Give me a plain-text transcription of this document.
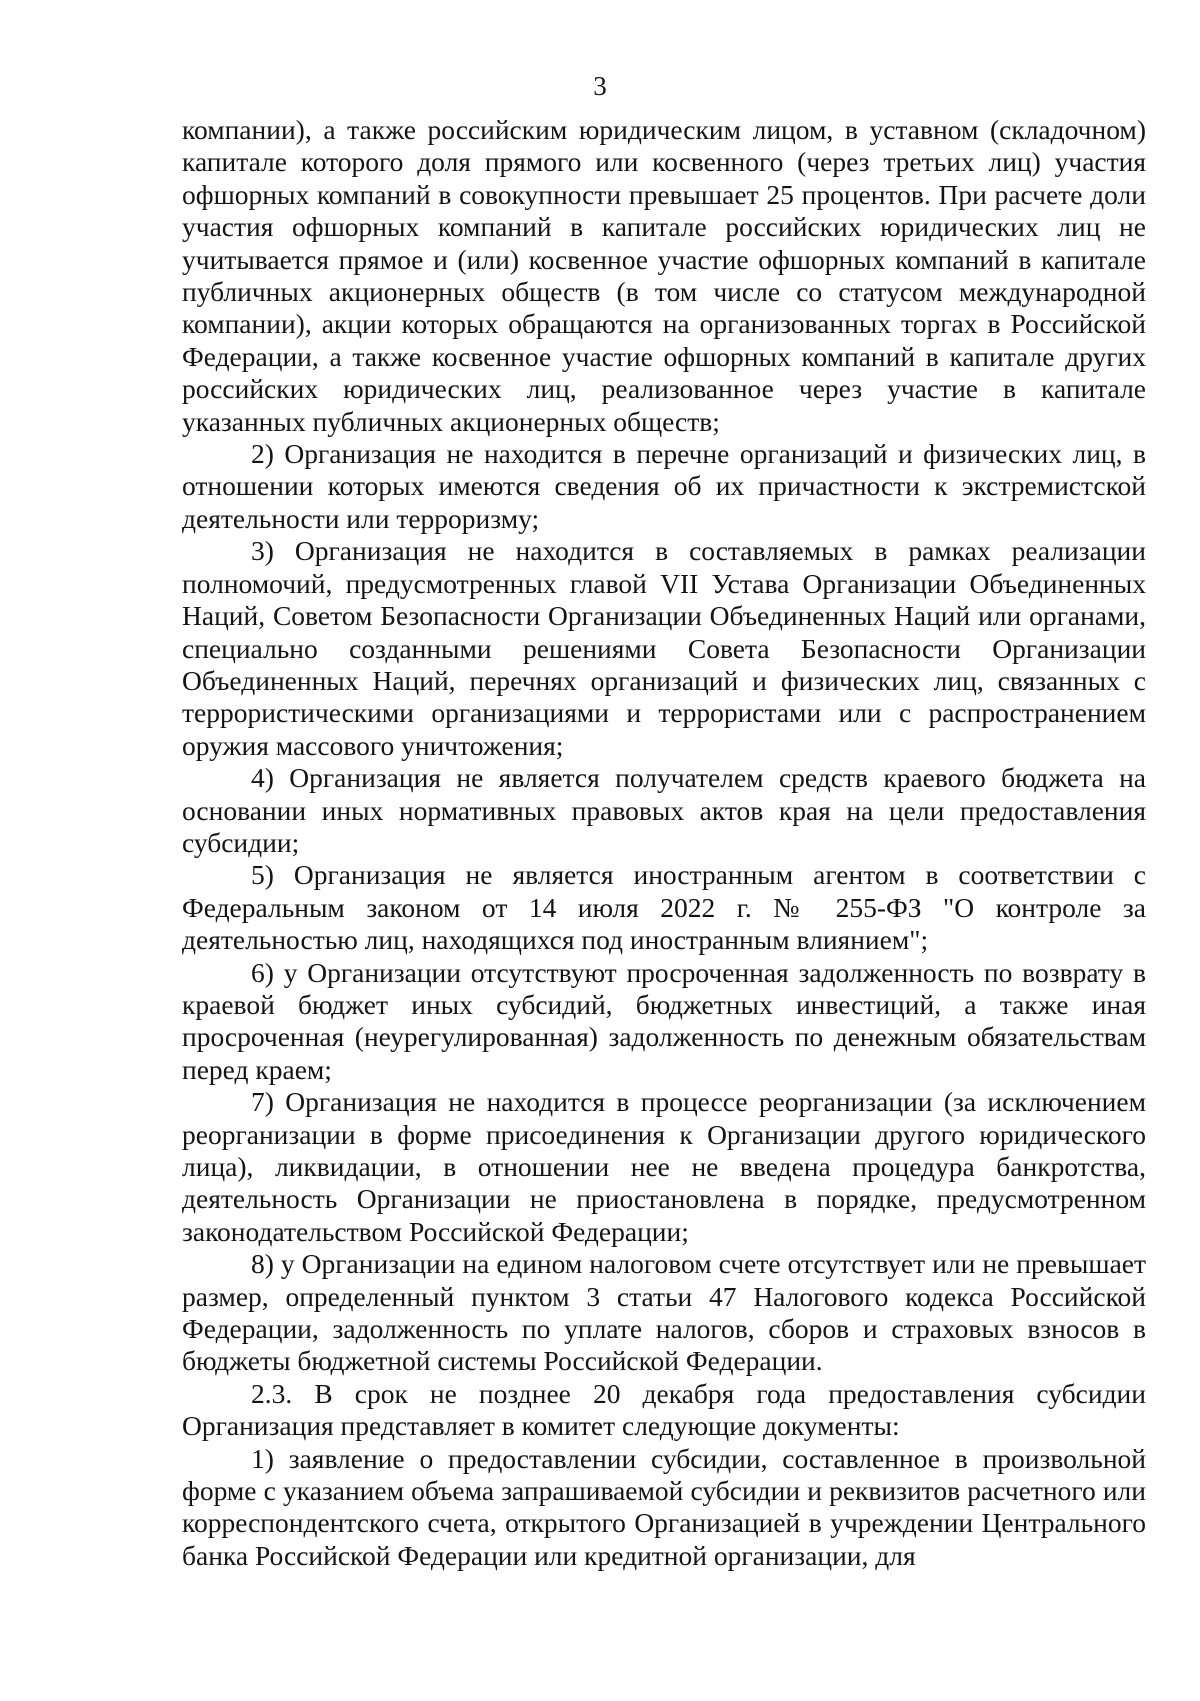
3

компании), а также российским юридическим лицом, в уставном (складочном) капитале которого доля прямого или косвенного (через третьих лиц) участия офшорных компаний в совокупности превышает 25 процентов. При расчете доли участия офшорных компаний в капитале российских юридических лиц не учитывается прямое и (или) косвенное участие офшорных компаний в капитале публичных акционерных обществ (в том числе со статусом международной компании), акции которых обращаются на организованных торгах в Российской Федерации, а также косвенное участие офшорных компаний в капитале других российских юридических лиц, реализованное через участие в капитале указанных публичных акционерных обществ;

2) Организация не находится в перечне организаций и физических лиц, в отношении которых имеются сведения об их причастности к экстремистской деятельности или терроризму;

3) Организация не находится в составляемых в рамках реализации полномочий, предусмотренных главой VII Устава Организации Объединенных Наций, Советом Безопасности Организации Объединенных Наций или органами, специально созданными решениями Совета Безопасности Организации Объединенных Наций, перечнях организаций и физических лиц, связанных с террористическими организациями и террористами или с распространением оружия массового уничтожения;

4) Организация не является получателем средств краевого бюджета на основании иных нормативных правовых актов края на цели предоставления субсидии;

5) Организация не является иностранным агентом в соответствии с Федеральным законом от 14 июля 2022 г. № 255-ФЗ "О контроле за деятельностью лиц, находящихся под иностранным влиянием";

6) у Организации отсутствуют просроченная задолженность по возврату в краевой бюджет иных субсидий, бюджетных инвестиций, а также иная просроченная (неурегулированная) задолженность по денежным обязательствам перед краем;

7) Организация не находится в процессе реорганизации (за исключением реорганизации в форме присоединения к Организации другого юридического лица), ликвидации, в отношении нее не введена процедура банкротства, деятельность Организации не приостановлена в порядке, предусмотренном законодательством Российской Федерации;

8) у Организации на едином налоговом счете отсутствует или не превышает размер, определенный пунктом 3 статьи 47 Налогового кодекса Российской Федерации, задолженность по уплате налогов, сборов и страховых взносов в бюджеты бюджетной системы Российской Федерации.

2.3. В срок не позднее 20 декабря года предоставления субсидии Организация представляет в комитет следующие документы:

1) заявление о предоставлении субсидии, составленное в произвольной форме с указанием объема запрашиваемой субсидии и реквизитов расчетного или корреспондентского счета, открытого Организацией в учреждении Центрального банка Российской Федерации или кредитной организации, для
